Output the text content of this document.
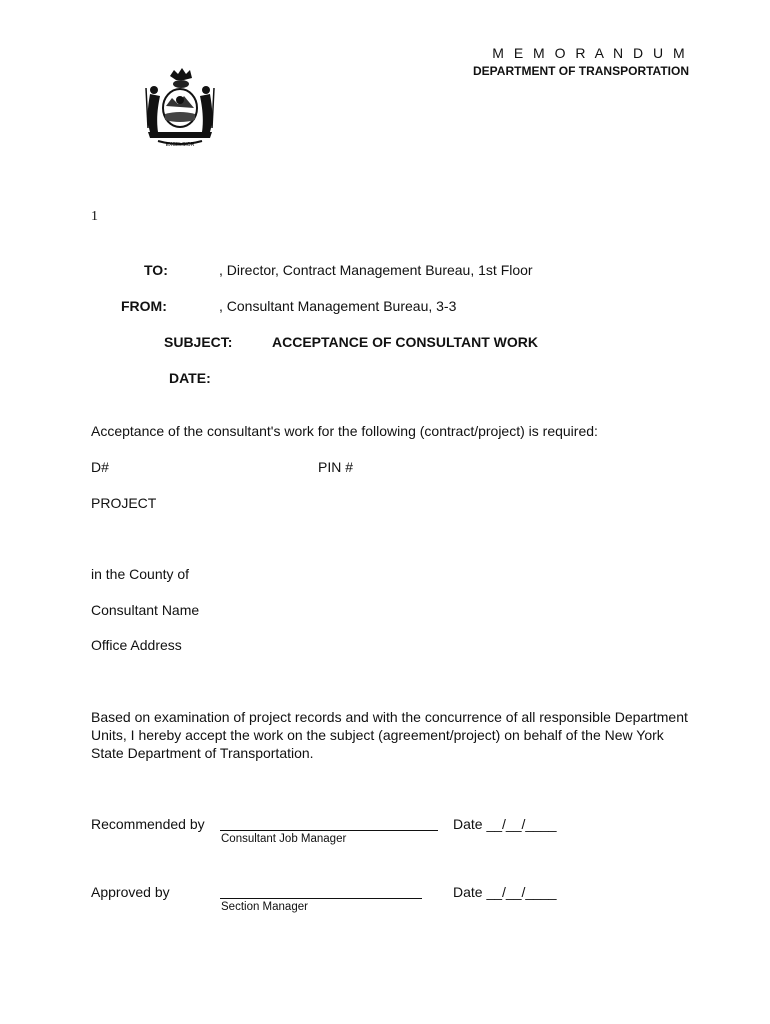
M E M O R A N D U M
DEPARTMENT OF TRANSPORTATION
EXCELSIOR
1
TO:	, Director, Contract Management Bureau, 1st Floor
FROM:	, Consultant Management Bureau, 3-3
SUBJECT:	ACCEPTANCE OF CONSULTANT WORK
DATE:
Acceptance of the consultant's work for the following (contract/project) is required:
D#	PIN #
PROJECT
in the County of
Consultant Name
Office Address
Based on examination of project records and with the concurrence of all responsible Department Units, I hereby accept the work on the subject (agreement/project) on behalf of the New York State Department of Transportation.
Recommended by
Consultant Job Manager
Date __/__/____
Approved by
Section Manager
Date __/__/____
